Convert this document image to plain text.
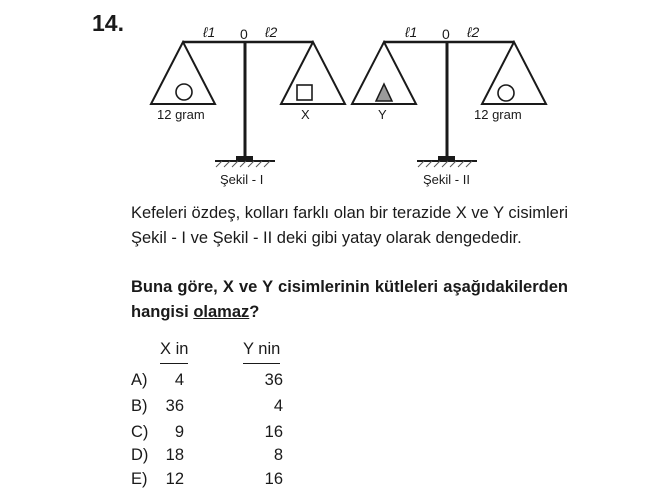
14.	ℓ1 0 ℓ2
12 gram	X
Şekil - I
ℓ1 0 ℓ2
Y	12 gram
Şekil - II
Kefeleri özdeş, kolları farklı olan bir terazide X ve Y cisimleri Şekil - I ve Şekil - II deki gibi yatay olarak dengededir.
Buna göre, X ve Y cisimlerinin kütleleri aşağıdakilerden hangisi olamaz?
X in	Y nin
A)	4	36
B) 36	4
C)	9	16
D) 18	8
E) 12	16
